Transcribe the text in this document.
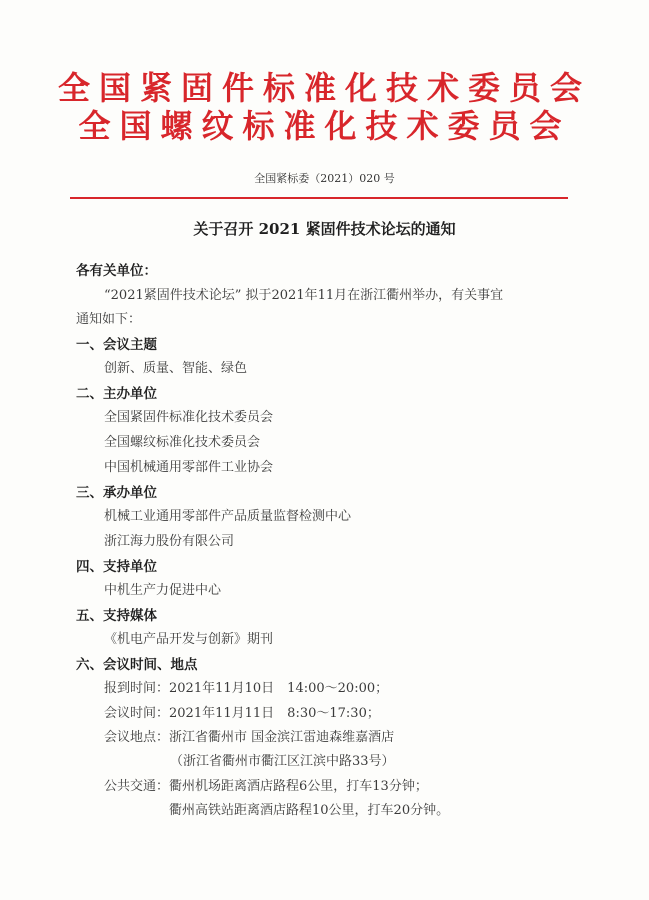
全国紧固件标准化技术委员会
全国螺纹标准化技术委员会
全国紧标委（2021）020 号
关于召开 2021 紧固件技术论坛的通知
各有关单位：
“2021紧固件技术论坛” 拟于2021年11月在浙江衢州举办，有关事宜
通知如下：
一、会议主题
创新、质量、智能、绿色
二、主办单位
全国紧固件标准化技术委员会
全国螺纹标准化技术委员会
中国机械通用零部件工业协会
三、承办单位
机械工业通用零部件产品质量监督检测中心
浙江海力股份有限公司
四、支持单位
中机生产力促进中心
五、支持媒体
《机电产品开发与创新》期刊
六、会议时间、地点
报到时间：2021年11月10日　14:00～20:00；
会议时间：2021年11月11日　8:30～17:30；
会议地点：浙江省衢州市 国金滨江雷迪森维嘉酒店
（浙江省衢州市衢江区江滨中路33号）
公共交通：衢州机场距离酒店路程6公里，打车13分钟；
衢州高铁站距离酒店路程10公里，打车20分钟。
